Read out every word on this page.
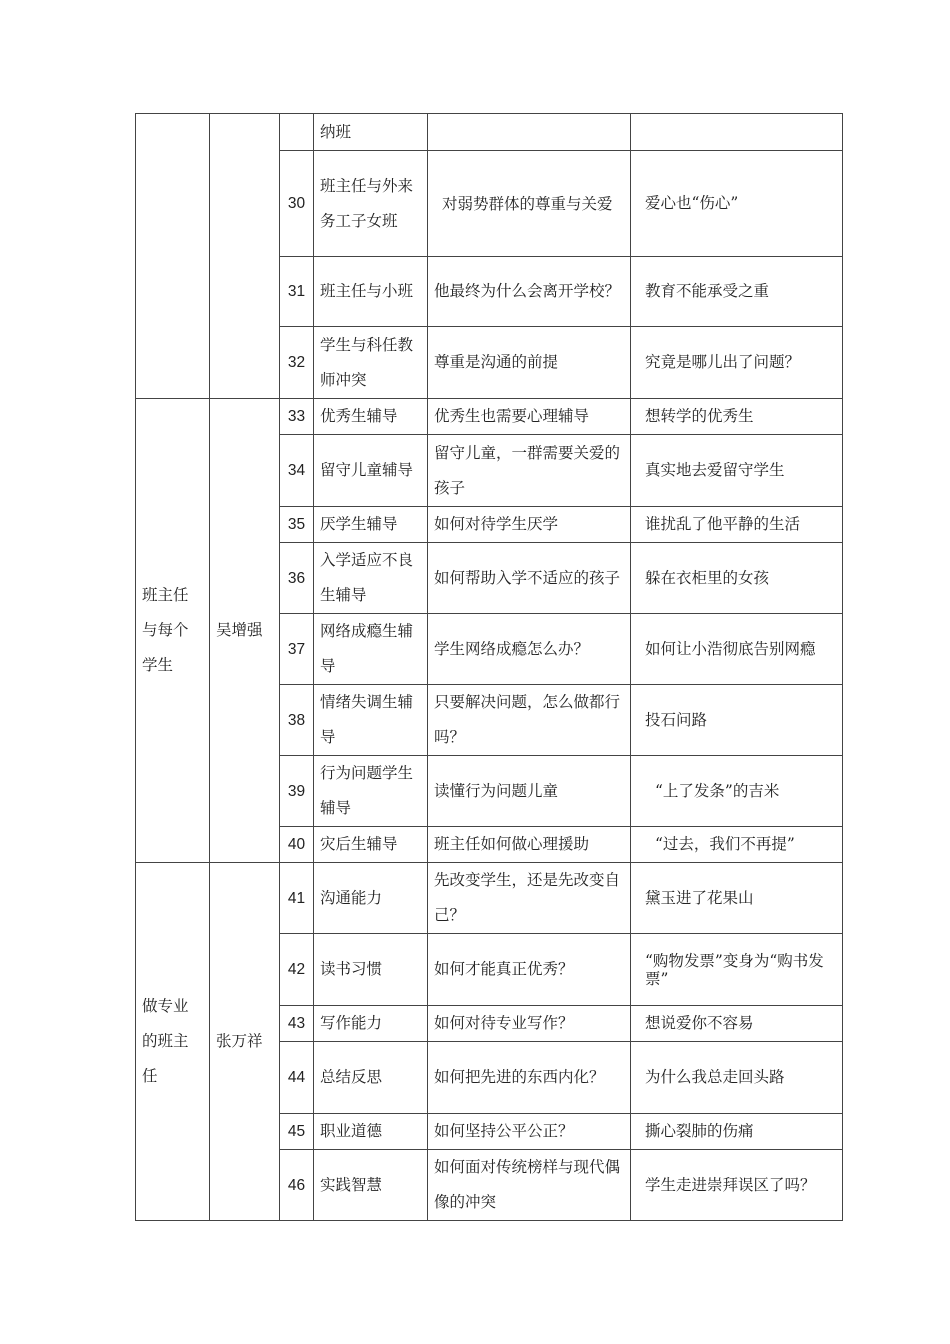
			纳班		
		30	班主任与外来务工子女班	对弱势群体的尊重与关爱	爱心也“伤心”
		31	班主任与小班	他最终为什么会离开学校？	教育不能承受之重
		32	学生与科任教师冲突	尊重是沟通的前提	究竟是哪儿出了问题？
班主任与每个学生	吴增强	33	优秀生辅导	优秀生也需要心理辅导	想转学的优秀生
		34	留守儿童辅导	留守儿童，一群需要关爱的孩子	真实地去爱留守学生
		35	厌学生辅导	如何对待学生厌学	谁扰乱了他平静的生活
		36	入学适应不良生辅导	如何帮助入学不适应的孩子	躲在衣柜里的女孩
		37	网络成瘾生辅导	学生网络成瘾怎么办？	如何让小浩彻底告别网瘾
		38	情绪失调生辅导	只要解决问题，怎么做都行吗？	投石问路
		39	行为问题学生辅导	读懂行为问题儿童	“上了发条”的吉米
		40	灾后生辅导	班主任如何做心理援助	“过去，我们不再提”
做专业的班主任	张万祥	41	沟通能力	先改变学生，还是先改变自己？	黛玉进了花果山
		42	读书习惯	如何才能真正优秀？	“购物发票”变身为“购书发票”
		43	写作能力	如何对待专业写作？	想说爱你不容易
		44	总结反思	如何把先进的东西内化？	为什么我总走回头路
		45	职业道德	如何坚持公平公正？	撕心裂肺的伤痛
		46	实践智慧	如何面对传统榜样与现代偶像的冲突	学生走进崇拜误区了吗？
